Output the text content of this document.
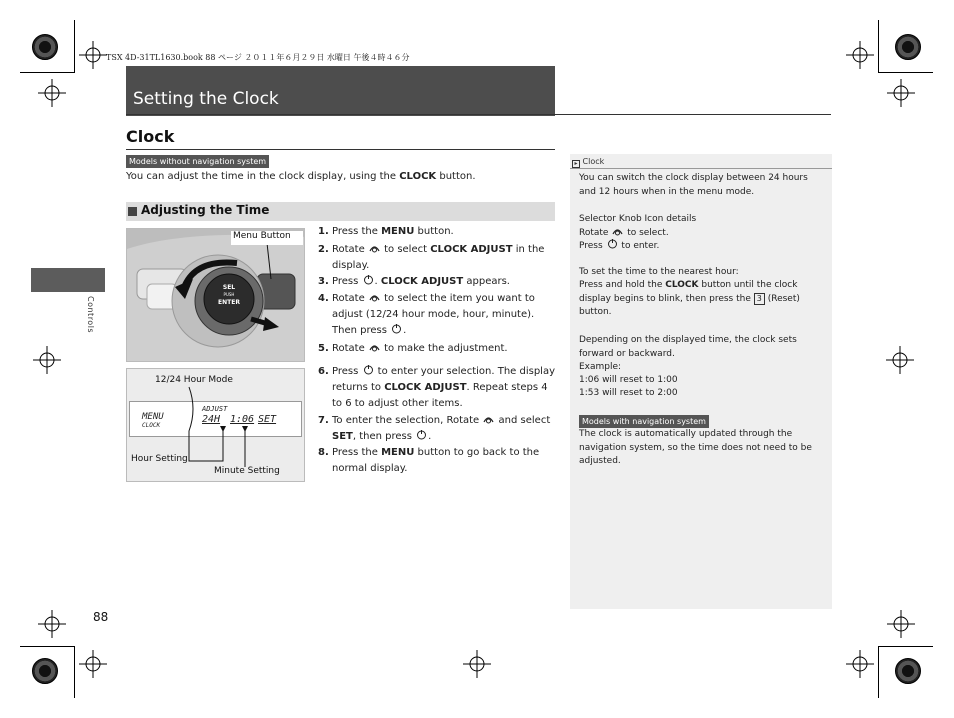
TSX 4D-31TL1630.book 88 ページ ２０１１年６月２９日 水曜日 午後４時４６分
Setting the Clock
Controls
Clock
Models without navigation system
You can adjust the time in the clock display, using the CLOCK button.
Adjusting the Time
SEL
PUSH
ENTER
Menu Button
12/24 Hour Mode
MENU
CLOCK
ADJUST
24H 1:06 SET
Hour Setting
Minute Setting
1. Press the MENU button.
2. Rotate  to select CLOCK ADJUST in the display.
3. Press . CLOCK ADJUST appears.
4. Rotate  to select the item you want to adjust (12/24 hour mode, hour, minute). Then press .
5. Rotate  to make the adjustment.
6. Press  to enter your selection. The display returns to CLOCK ADJUST. Repeat steps 4 to 6 to adjust other items.
7. To enter the selection, Rotate  and select SET, then press .
8. Press the MENU button to go back to the normal display.
▸ Clock
You can switch the clock display between 24 hours and 12 hours when in the menu mode.
Selector Knob Icon details
Rotate  to select.
Press  to enter.
To set the time to the nearest hour:
Press and hold the CLOCK button until the clock display begins to blink, then press the 3 (Reset) button.
Depending on the displayed time, the clock sets forward or backward.
Example:
1:06 will reset to 1:00
1:53 will reset to 2:00
Models with navigation system
The clock is automatically updated through the navigation system, so the time does not need to be adjusted.
88
